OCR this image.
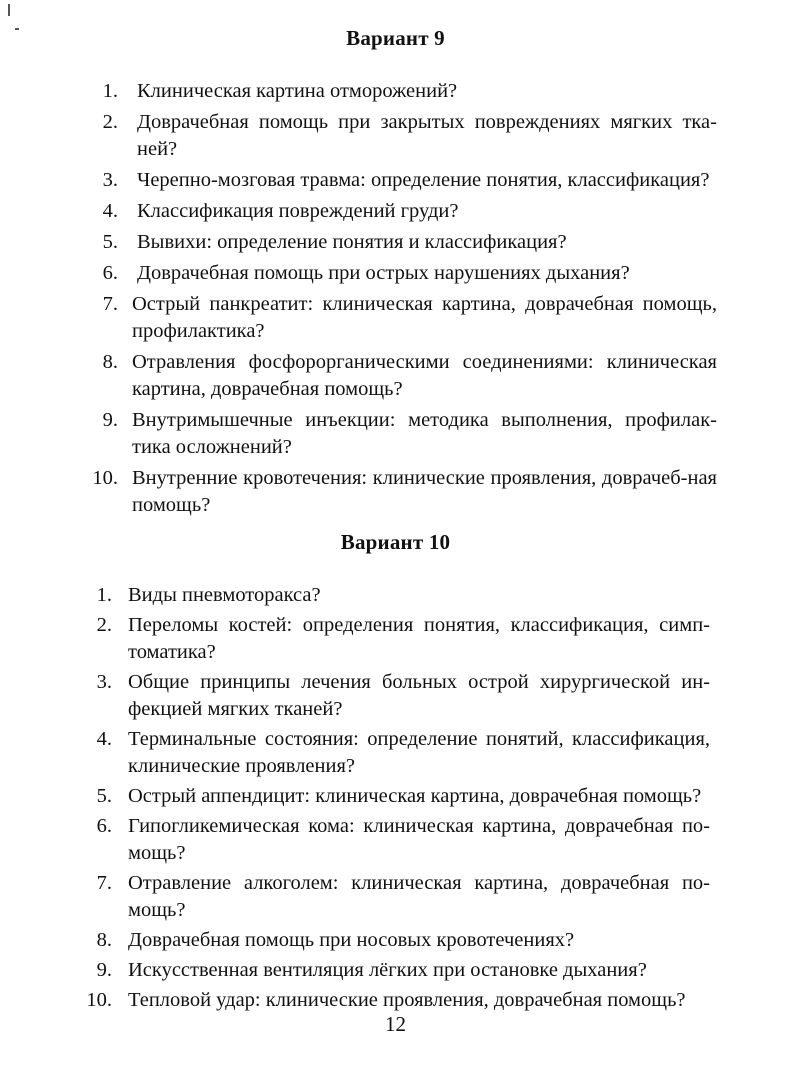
Вариант 9
1. Клиническая картина отморожений?
2. Доврачебная помощь при закрытых повреждениях мягких тка-ней?
3. Черепно-мозговая травма: определение понятия, классификация?
4. Классификация повреждений груди?
5. Вывихи: определение понятия и классификация?
6. Доврачебная помощь при острых нарушениях дыхания?
7. Острый панкреатит: клиническая картина, доврачебная помощь, профилактика?
8. Отравления фосфорорганическими соединениями: клиническая картина, доврачебная помощь?
9. Внутримышечные инъекции: методика выполнения, профилак-тика осложнений?
10. Внутренние кровотечения: клинические проявления, доврачеб-ная помощь?
Вариант 10
1. Виды пневмоторакса?
2. Переломы костей: определения понятия, классификация, симп-томатика?
3. Общие принципы лечения больных острой хирургической ин-фекцией мягких тканей?
4. Терминальные состояния: определение понятий, классификация, клинические проявления?
5. Острый аппендицит: клиническая картина, доврачебная помощь?
6. Гипогликемическая кома: клиническая картина, доврачебная по-мощь?
7. Отравление алкоголем: клиническая картина, доврачебная по-мощь?
8. Доврачебная помощь при носовых кровотечениях?
9. Искусственная вентиляция лёгких при остановке дыхания?
10. Тепловой удар: клинические проявления, доврачебная помощь?
12
